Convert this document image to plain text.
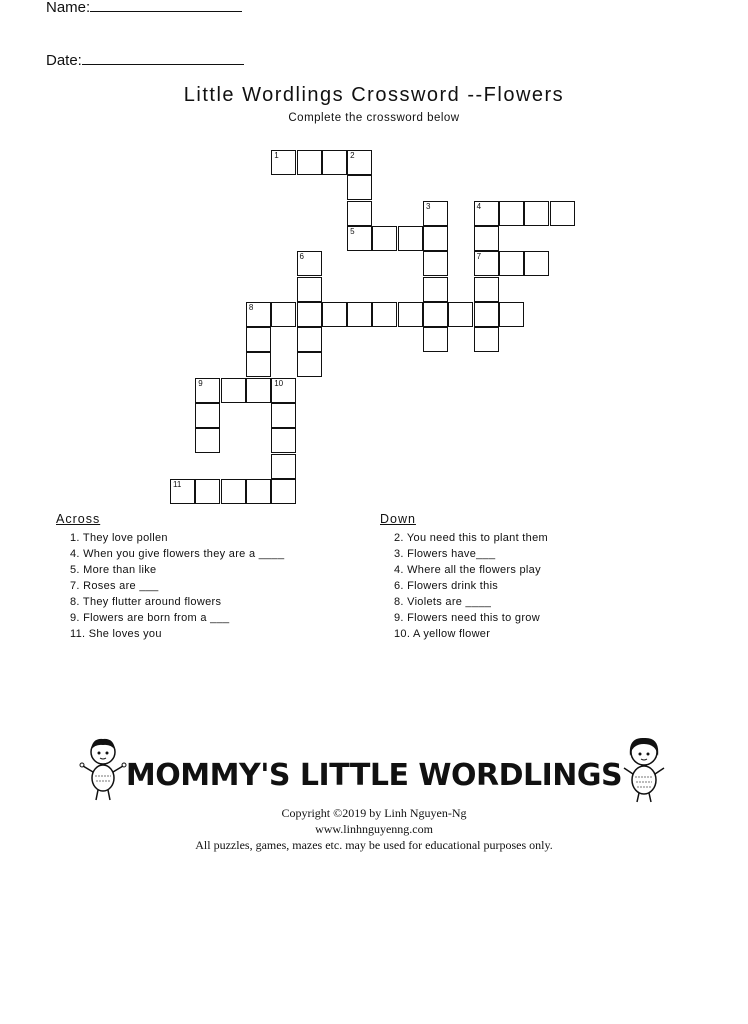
Name:
Date:
Little Wordlings Crossword --Flowers
Complete the crossword below
1	2
3	4
5
6	7
8
9	10
11
Across
1. They love pollen
4. When you give flowers they are a ____
5. More than like
7. Roses are ___
8. They flutter around flowers
9. Flowers are born from a ___
11. She loves you
Down
2. You need this to plant them
3. Flowers have___
4. Where all the flowers play
6. Flowers drink this
8. Violets are ____
9. Flowers need this to grow
10. A yellow flower
MOMMY'S LITTLE WORDLINGS
Copyright ©2019 by Linh Nguyen-Ng
www.linhnguyenng.com
All puzzles, games, mazes etc. may be used for educational purposes only.
